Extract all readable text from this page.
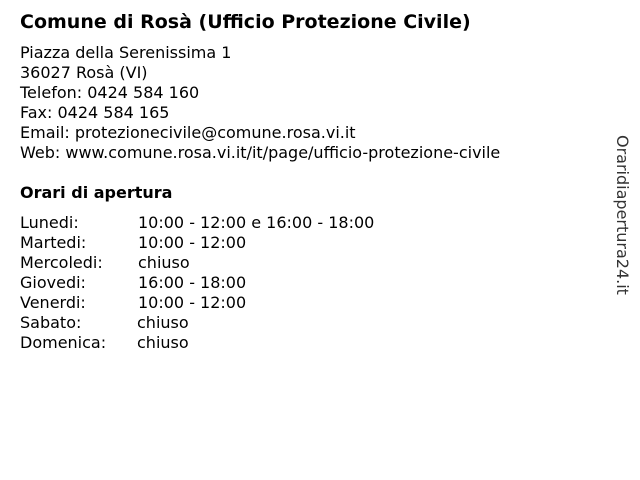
Comune di Rosà (Ufficio Protezione Civile)
Piazza della Serenissima 1
36027 Rosà (VI)
Telefon: 0424 584 160
Fax: 0424 584 165
Email: protezionecivile@comune.rosa.vi.it
Web: www.comune.rosa.vi.it/it/page/ufficio-protezione-civile
Orari di apertura
Lunedi:	10:00 - 12:00 e 16:00 - 18:00
Martedi:	10:00 - 12:00
Mercoledi: chiuso
Giovedi:	16:00 - 18:00
Venerdi:	10:00 - 12:00
Sabato:	chiuso
Domenica: chiuso
Oraridiapertura24.it
